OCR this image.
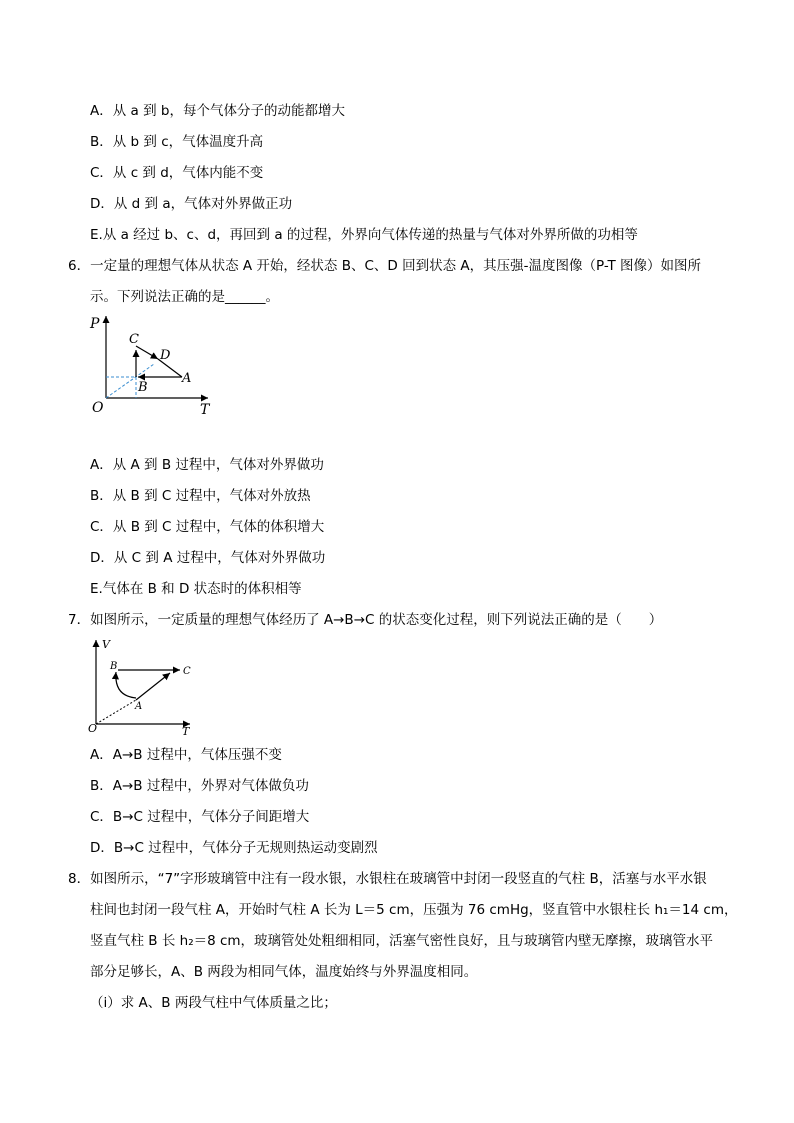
A．从 a 到 b，每个气体分子的动能都增大
B．从 b 到 c，气体温度升高
C．从 c 到 d，气体内能不变
D．从 d 到 a，气体对外界做正功
E.从 a 经过 b、c、d，再回到 a 的过程，外界向气体传递的热量与气体对外界所做的功相等
6．一定量的理想气体从状态 A 开始，经状态 B、C、D 回到状态 A，其压强-温度图像（P-T 图像）如图所
示。下列说法正确的是______。
P
T
O
C
D
A
B
A．从 A 到 B 过程中，气体对外界做功
B．从 B 到 C 过程中，气体对外放热
C．从 B 到 C 过程中，气体的体积增大
D．从 C 到 A 过程中，气体对外界做功
E.气体在 B 和 D 状态时的体积相等
7．如图所示，一定质量的理想气体经历了 A→B→C 的状态变化过程，则下列说法正确的是（　　）
V
T
O
B	C
A
A．A→B 过程中，气体压强不变
B．A→B 过程中，外界对气体做负功
C．B→C 过程中，气体分子间距增大
D．B→C 过程中，气体分子无规则热运动变剧烈
8．如图所示，“7”字形玻璃管中注有一段水银，水银柱在玻璃管中封闭一段竖直的气柱 B，活塞与水平水银
柱间也封闭一段气柱 A，开始时气柱 A 长为 L＝5 cm，压强为 76 cmHg，竖直管中水银柱长 h₁＝14 cm，
竖直气柱 B 长 h₂＝8 cm，玻璃管处处粗细相同，活塞气密性良好，且与玻璃管内壁无摩擦，玻璃管水平
部分足够长，A、B 两段为相同气体，温度始终与外界温度相同。
（ⅰ）求 A、B 两段气柱中气体质量之比；
